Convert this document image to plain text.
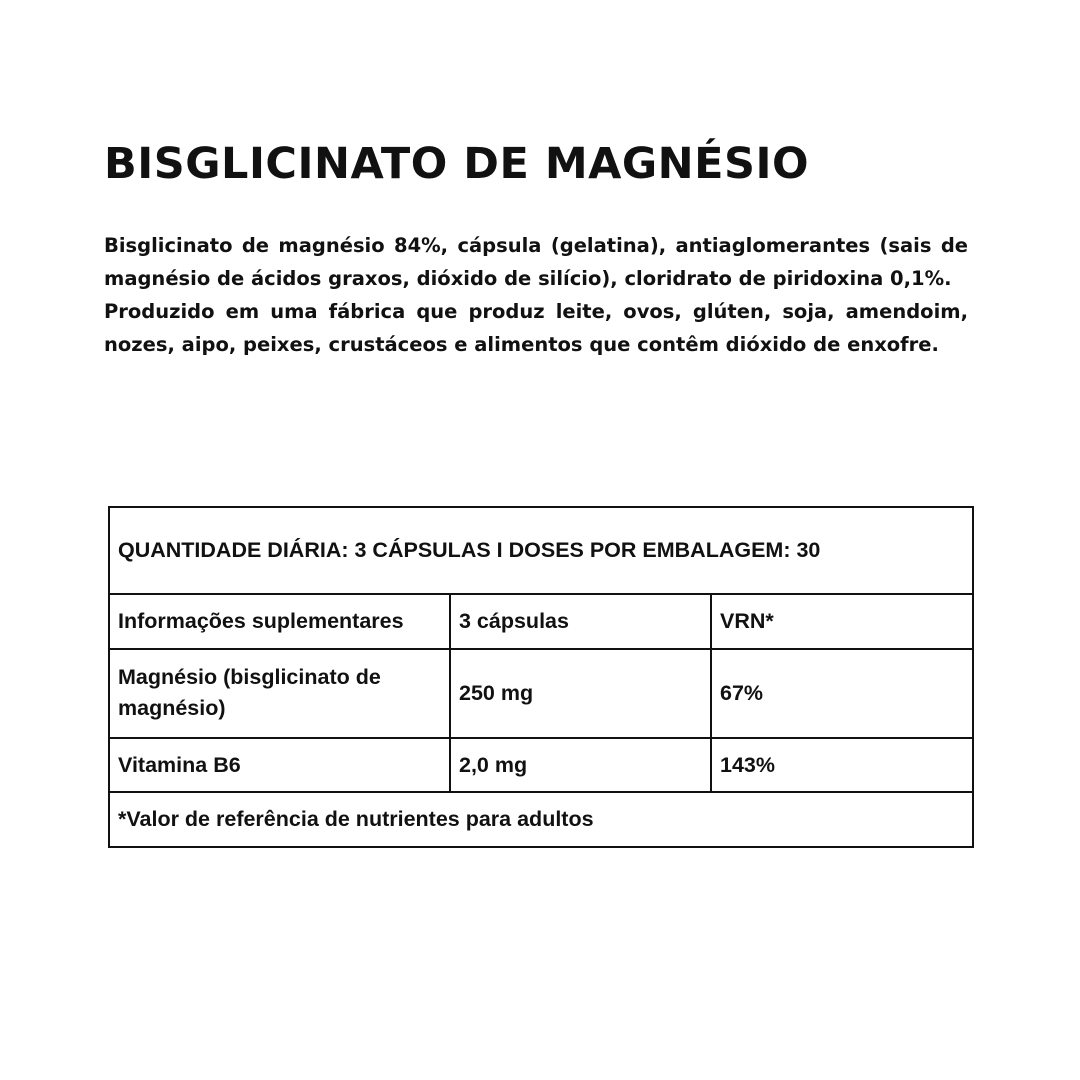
BISGLICINATO DE MAGNÉSIO

Bisglicinato de magnésio 84%, cápsula (gelatina), antiaglomerantes (sais de magnésio de ácidos graxos, dióxido de silício), cloridrato de piridoxina 0,1%.

Produzido em uma fábrica que produz leite, ovos, glúten, soja, amendoim, nozes, aipo, peixes, crustáceos e alimentos que contêm dióxido de enxofre.

QUANTIDADE DIÁRIA: 3 CÁPSULAS I DOSES POR EMBALAGEM: 30		
Informações suplementares	3 cápsulas	VRN*
Magnésio (bisglicinato de magnésio)	250 mg	67%
Vitamina B6	2,0 mg	143%
*Valor de referência de nutrientes para adultos		
